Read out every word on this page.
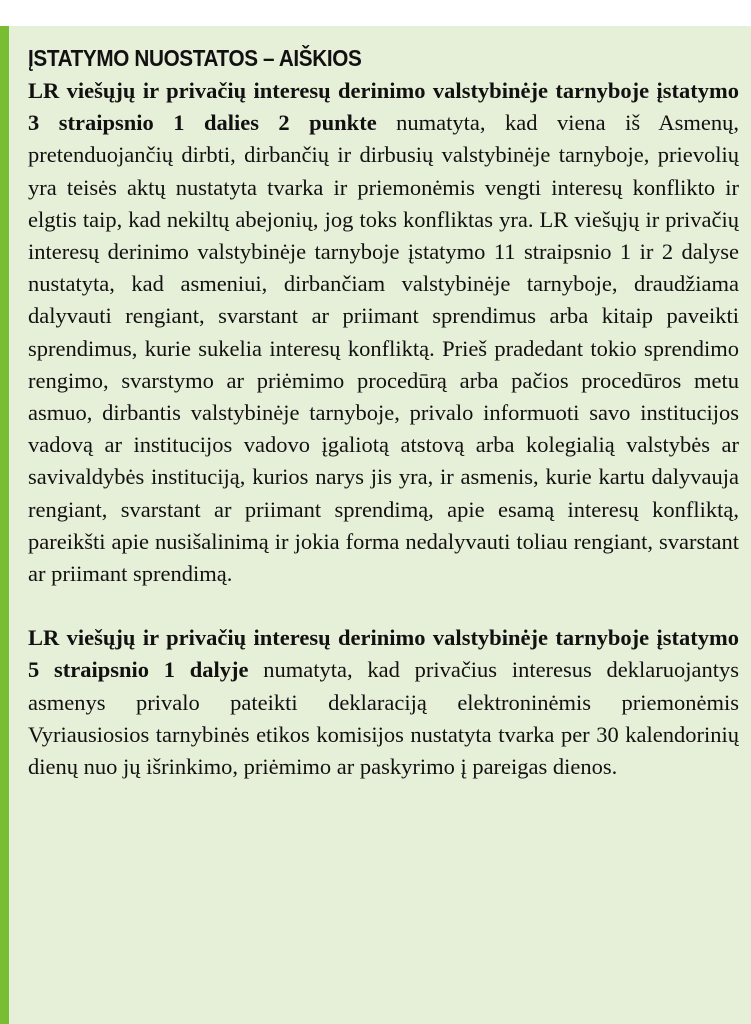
ĮSTATYMO NUOSTATOS – AIŠKIOS

LR viešųjų ir privačių interesų derinimo valstybinėje tarnyboje įstatymo 3 straipsnio 1 dalies 2 punkte numatyta, kad viena iš Asmenų, pretenduojančių dirbti, dirbančių ir dirbusių valstybinėje tarnyboje, prievolių yra teisės aktų nustatyta tvarka ir priemonėmis vengti interesų konflikto ir elgtis taip, kad nekiltų abejonių, jog toks konfliktas yra. LR viešųjų ir privačių interesų derinimo valstybinėje tarnyboje įstatymo 11 straipsnio 1 ir 2 dalyse nustatyta, kad asmeniui, dirbančiam valstybinėje tarnyboje, draudžiama dalyvauti rengiant, svarstant ar priimant sprendimus arba kitaip paveikti sprendimus, kurie sukelia interesų konfliktą. Prieš pradedant tokio sprendimo rengimo, svarstymo ar priėmimo procedūrą arba pačios procedūros metu asmuo, dirbantis valstybinėje tarnyboje, privalo informuoti savo institucijos vadovą ar institucijos vadovo įgaliotą atstovą arba kolegialią valstybės ar savivaldybės instituciją, kurios narys jis yra, ir asmenis, kurie kartu dalyvauja rengiant, svarstant ar priimant sprendimą, apie esamą interesų konfliktą, pareikšti apie nusišalinimą ir jokia forma nedalyvauti toliau rengiant, svarstant ar priimant sprendimą.

LR viešųjų ir privačių interesų derinimo valstybinėje tarnyboje įstatymo 5 straipsnio 1 dalyje numatyta, kad privačius interesus deklaruojantys asmenys privalo pateikti deklaraciją elektroninėmis priemonėmis Vyriausiosios tarnybinės etikos komisijos nustatyta tvarka per 30 kalendorinių dienų nuo jų išrinkimo, priėmimo ar paskyrimo į pareigas dienos.
